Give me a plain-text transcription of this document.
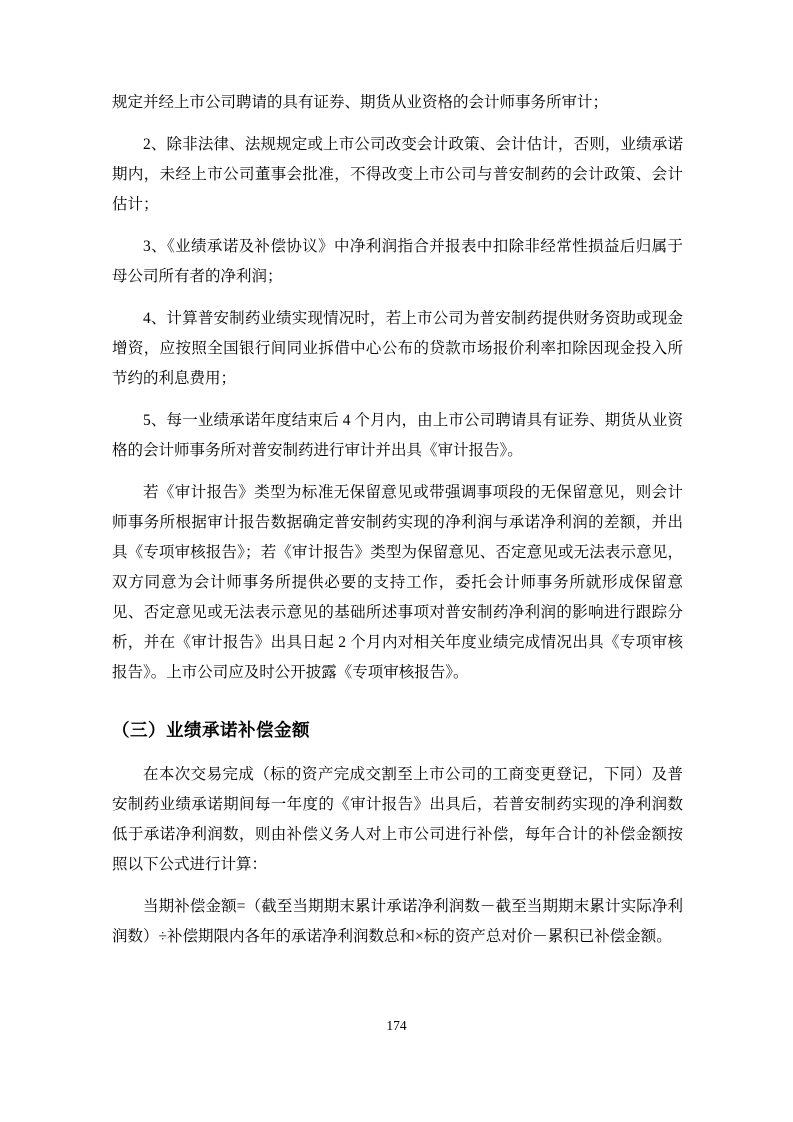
规定并经上市公司聘请的具有证券、期货从业资格的会计师事务所审计；

2、除非法律、法规规定或上市公司改变会计政策、会计估计，否则，业绩承诺期内，未经上市公司董事会批准，不得改变上市公司与普安制药的会计政策、会计估计；

3、《业绩承诺及补偿协议》中净利润指合并报表中扣除非经常性损益后归属于母公司所有者的净利润；

4、计算普安制药业绩实现情况时，若上市公司为普安制药提供财务资助或现金增资，应按照全国银行间同业拆借中心公布的贷款市场报价利率扣除因现金投入所节约的利息费用；

5、每一业绩承诺年度结束后 4 个月内，由上市公司聘请具有证券、期货从业资格的会计师事务所对普安制药进行审计并出具《审计报告》。

若《审计报告》类型为标准无保留意见或带强调事项段的无保留意见，则会计师事务所根据审计报告数据确定普安制药实现的净利润与承诺净利润的差额，并出具《专项审核报告》；若《审计报告》类型为保留意见、否定意见或无法表示意见，双方同意为会计师事务所提供必要的支持工作，委托会计师事务所就形成保留意见、否定意见或无法表示意见的基础所述事项对普安制药净利润的影响进行跟踪分析，并在《审计报告》出具日起 2 个月内对相关年度业绩完成情况出具《专项审核报告》。上市公司应及时公开披露《专项审核报告》。

（三）业绩承诺补偿金额

在本次交易完成（标的资产完成交割至上市公司的工商变更登记，下同）及普安制药业绩承诺期间每一年度的《审计报告》出具后，若普安制药实现的净利润数低于承诺净利润数，则由补偿义务人对上市公司进行补偿，每年合计的补偿金额按照以下公式进行计算：

当期补偿金额=（截至当期期末累计承诺净利润数－截至当期期末累计实际净利润数）÷补偿期限内各年的承诺净利润数总和×标的资产总对价－累积已补偿金额。

174
